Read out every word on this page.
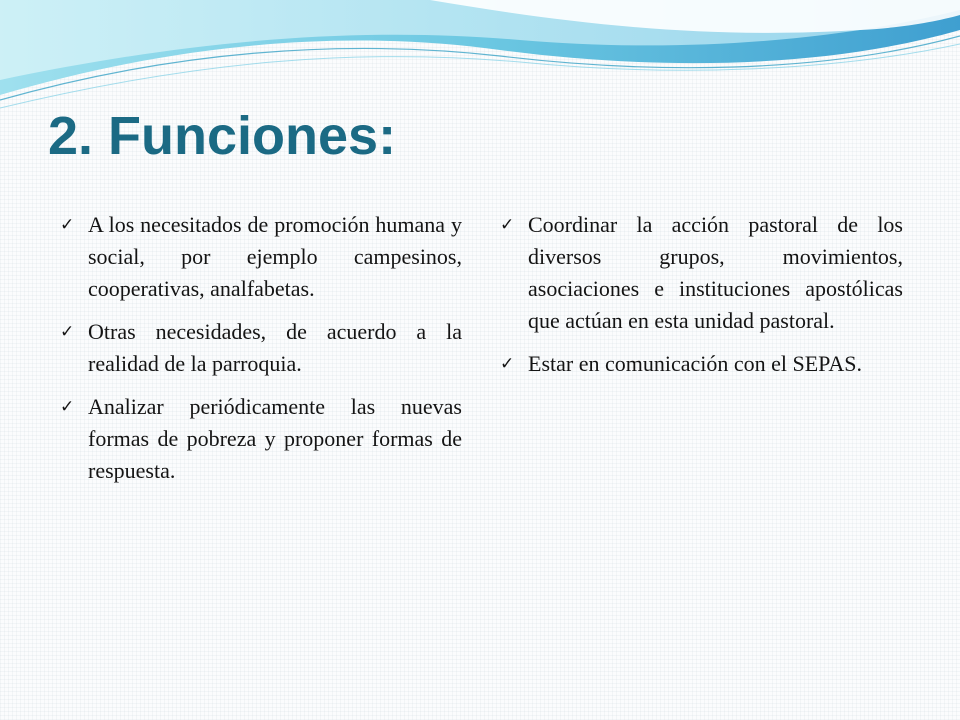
2. Funciones:
✓ A los necesitados de promoción humana y social, por ejemplo campesinos, cooperativas, analfabetas.
✓ Otras necesidades, de acuerdo a la realidad de la parroquia.
✓ Analizar periódicamente las nuevas formas de pobreza y proponer formas de respuesta.
✓ Coordinar la acción pastoral de los diversos grupos, movimientos, asociaciones e instituciones apostólicas que actúan en esta unidad pastoral.
✓ Estar en comunicación con el SEPAS.
